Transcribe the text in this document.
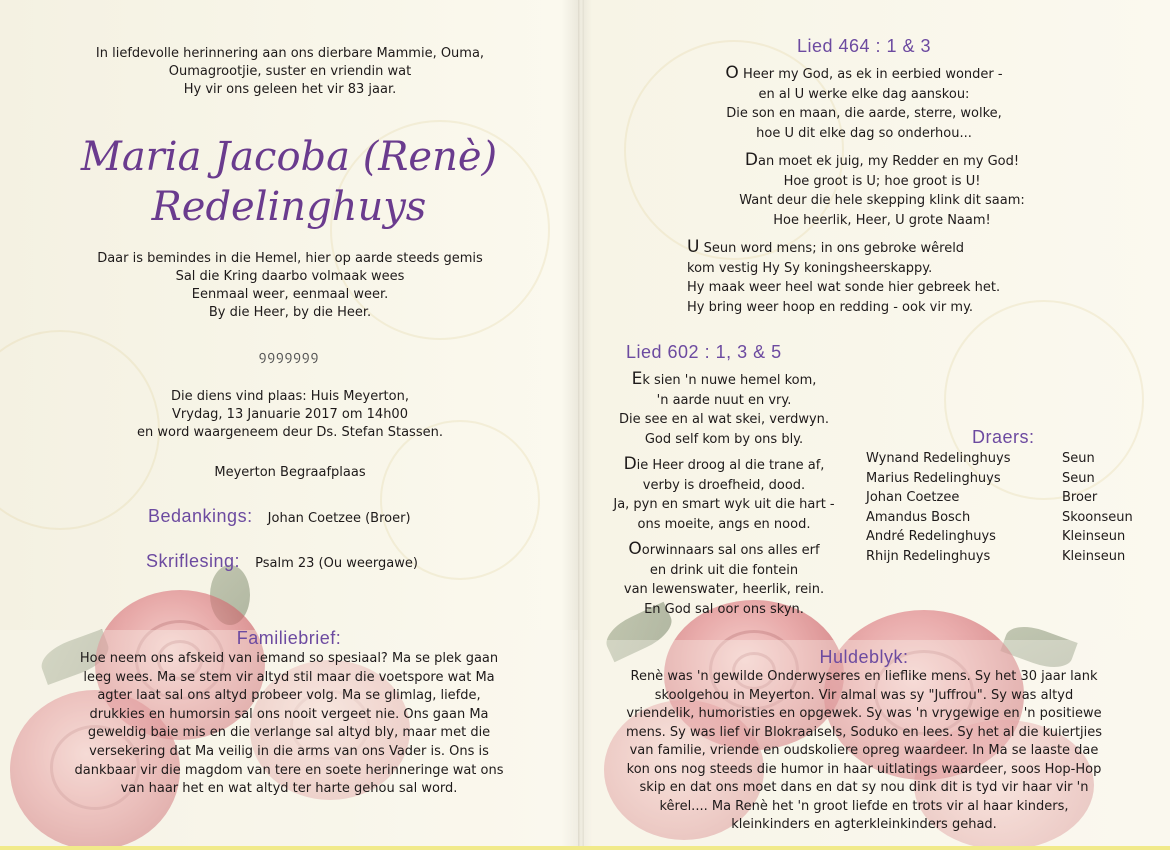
In liefdevolle herinnering aan ons dierbare Mammie, Ouma,
Oumagrootjie, suster en vriendin wat
Hy vir ons geleen het vir 83 jaar.
Maria Jacoba (Renè)
Redelinghuys
Daar is bemindes in die Hemel, hier op aarde steeds gemis
Sal die Kring daarbo volmaak wees
Eenmaal weer, eenmaal weer.
By die Heer, by die Heer.
ꝯꝯꝯꝯꝯꝯꝯ
Die diens vind plaas: Huis Meyerton,
Vrydag, 13 Januarie 2017 om 14h00
en word waargeneem deur Ds. Stefan Stassen.
Meyerton Begraafplaas
Bedankings: Johan Coetzee (Broer)
Skriflesing: Psalm 23 (Ou weergawe)
Familiebrief:
Hoe neem ons afskeid van iemand so spesiaal? Ma se plek gaan
leeg wees. Ma se stem vir altyd stil maar die voetspore wat Ma
agter laat sal ons altyd probeer volg. Ma se glimlag, liefde,
drukkies en humorsin sal ons nooit vergeet nie. Ons gaan Ma
geweldig baie mis en die verlange sal altyd bly, maar met die
versekering dat Ma veilig in die arms van ons Vader is. Ons is
dankbaar vir die magdom van tere en soete herinneringe wat ons
van haar het en wat altyd ter harte gehou sal word.
Lied 464 : 1 & 3
O Heer my God, as ek in eerbied wonder -
en al U werke elke dag aanskou:
Die son en maan, die aarde, sterre, wolke,
hoe U dit elke dag so onderhou...
Dan moet ek juig, my Redder en my God!
Hoe groot is U; hoe groot is U!
Want deur die hele skepping klink dit saam:
Hoe heerlik, Heer, U grote Naam!
U Seun word mens; in ons gebroke wêreld
kom vestig Hy Sy koningsheerskappy.
Hy maak weer heel wat sonde hier gebreek het.
Hy bring weer hoop en redding - ook vir my.
Lied 602 : 1, 3 & 5
Ek sien 'n nuwe hemel kom,
'n aarde nuut en vry.
Die see en al wat skei, verdwyn.
God self kom by ons bly.
Die Heer droog al die trane af,
verby is droefheid, dood.
Ja, pyn en smart wyk uit die hart -
ons moeite, angs en nood.
Oorwinnaars sal ons alles erf
en drink uit die fontein
van lewenswater, heerlik, rein.
En God sal oor ons skyn.
Draers:
Wynand Redelinghuys	Seun
Marius Redelinghuys	Seun
Johan Coetzee	Broer
Amandus Bosch	Skoonseun
André Redelinghuys	Kleinseun
Rhijn Redelinghuys	Kleinseun
Huldeblyk:
Renè was 'n gewilde Onderwyseres en lieflike mens. Sy het 30 jaar lank
skoolgehou in Meyerton. Vir almal was sy "Juffrou". Sy was altyd
vriendelik, humoristies en opgewek. Sy was 'n vrygewige en 'n positiewe
mens. Sy was lief vir Blokraaisels, Soduko en lees. Sy het al die kuiertjies
van familie, vriende en oudskoliere opreg waardeer. In Ma se laaste dae
kon ons nog steeds die humor in haar uitlatings waardeer, soos Hop-Hop
skip en dat ons moet dans en dat sy nou dink dit is tyd vir haar vir 'n
kêrel.... Ma Renè het 'n groot liefde en trots vir al haar kinders,
kleinkinders en agterkleinkinders gehad.
